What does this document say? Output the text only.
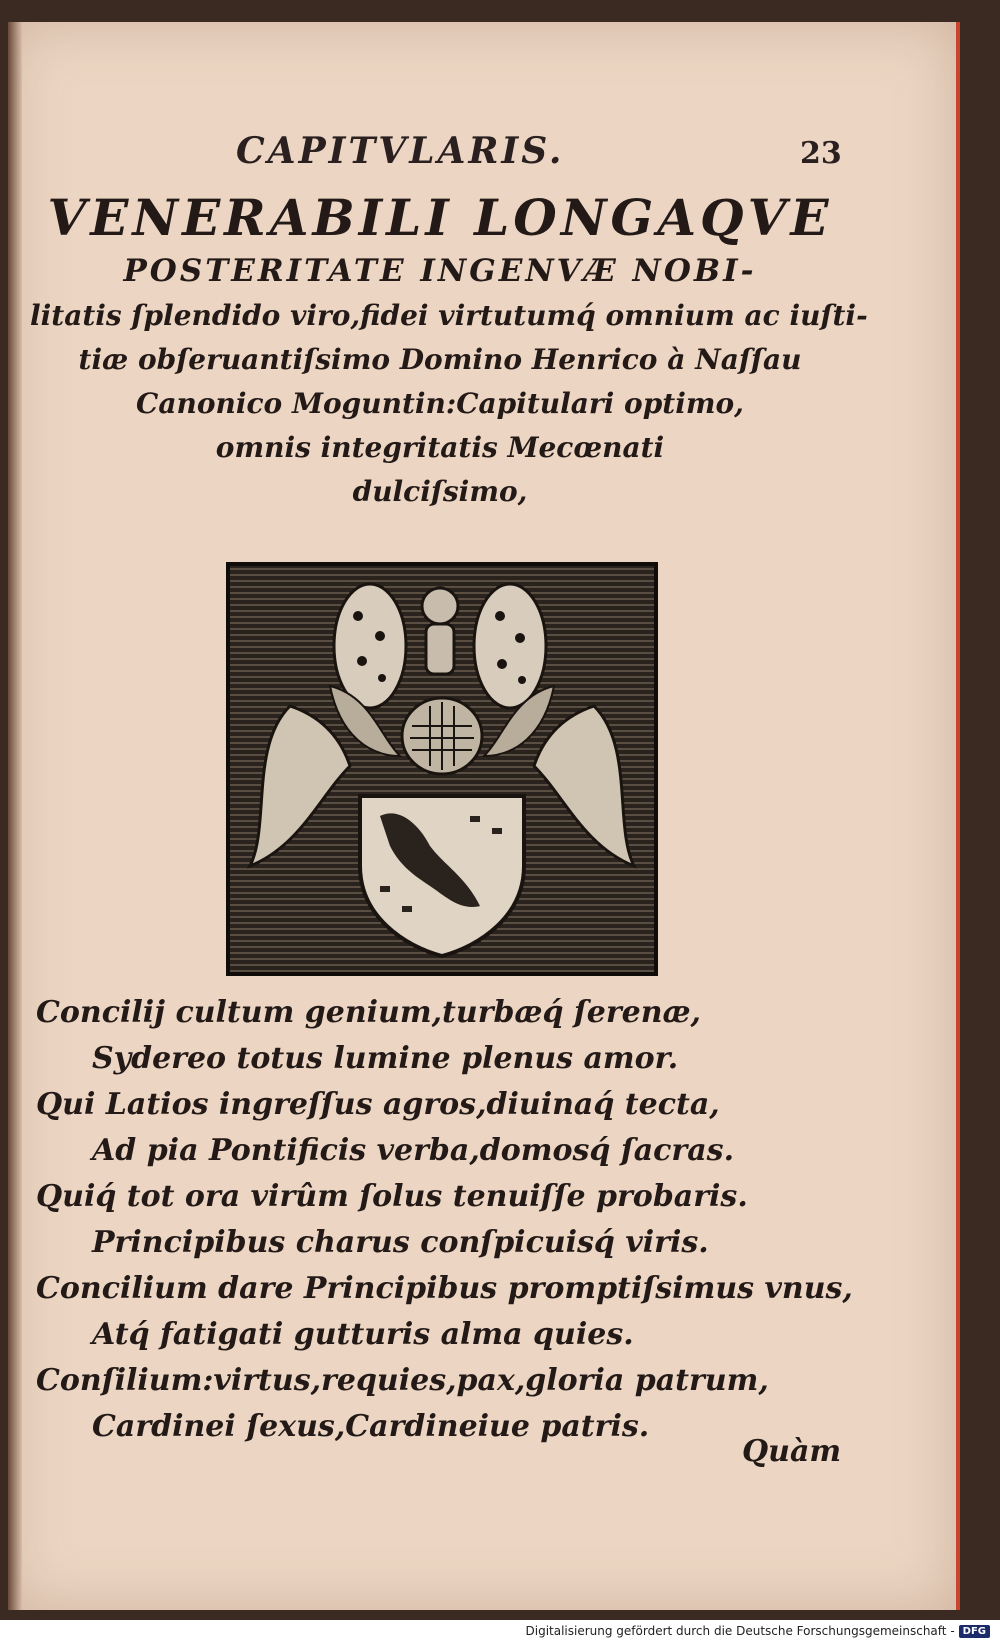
CAPITVLARIS.	23
VENERABILI LONGAQVE
POSTERITATE INGENVÆ NOBI-
litatis ſplendido viro,fidei virtutumq́ omnium ac iuſti-
tiæ obſeruantiſsimo Domino Henrico à Naſſau
Canonico Moguntin:Capitulari optimo,
omnis integritatis Mecœnati
dulciſsimo,
Concilij cultum genium,turbæq́ ſerenæ,
Sydereo totus lumine plenus amor.
Qui Latios ingreſſus agros,diuinaq́ tecta,
Ad pia Pontificis verba,domosq́ ſacras.
Quiq́ tot ora virûm ſolus tenuiſſe probaris.
Principibus charus conſpicuisq́ viris.
Concilium dare Principibus promptiſsimus vnus,
Atq́ fatigati gutturis alma quies.
Conſilium:virtus,requies,pax,gloria patrum,
Cardinei ſexus,Cardineiue patris.
Quàm
Digitalisierung gefördert durch die Deutsche Forschungsgemeinschaft - DFG
